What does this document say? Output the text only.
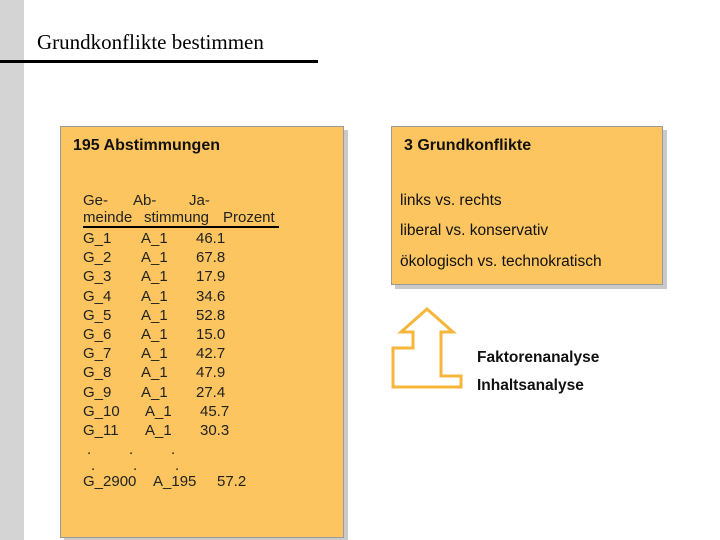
Grundkonflikte bestimmen
195 Abstimmungen
Ge- Ab- Ja-
meinde stimmung Prozent
G_1 A_1 46.1
G_2 A_1 67.8
G_3 A_1 17.9
G_4 A_1 34.6
G_5 A_1 52.8
G_6 A_1 15.0
G_7 A_1 42.7
G_8 A_1 47.9
G_9 A_1 27.4
G_10 A_1 45.7
G_11 A_1 30.3
.	.	.
.	.	.
G_2900 A_195 57.2
3 Grundkonflikte
links vs. rechts
liberal vs. konservativ
ökologisch vs. technokratisch
Faktorenanalyse
Inhaltsanalyse
